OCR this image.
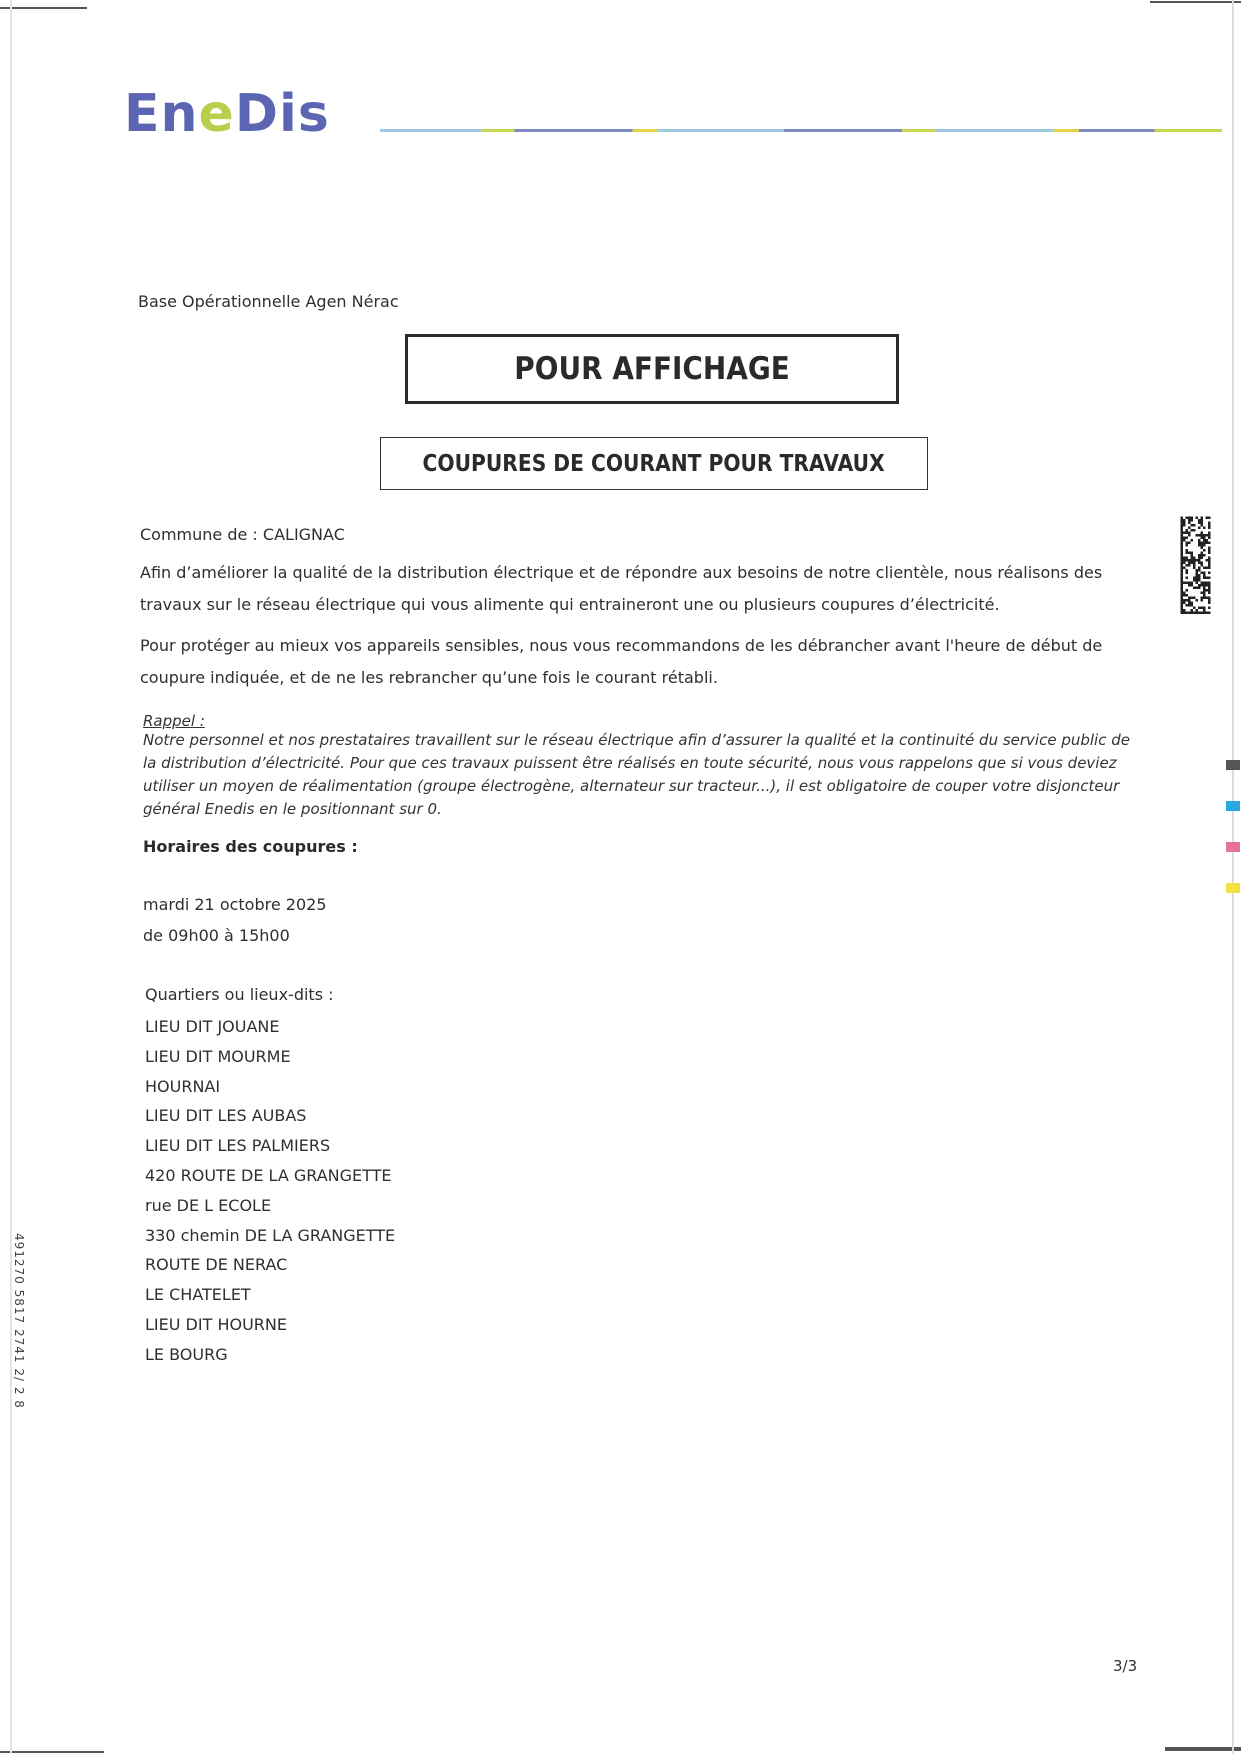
EneDis
Base Opérationnelle Agen Nérac
POUR AFFICHAGE
COUPURES DE COURANT POUR TRAVAUX
Commune de : CALIGNAC
Afin d’améliorer la qualité de la distribution électrique et de répondre aux besoins de notre clientèle, nous réalisons des travaux sur le réseau électrique qui vous alimente qui entraineront une ou plusieurs coupures d’électricité.
Pour protéger au mieux vos appareils sensibles, nous vous recommandons de les débrancher avant l'heure de début de coupure indiquée, et de ne les rebrancher qu’une fois le courant rétabli.
Rappel :
Notre personnel et nos prestataires travaillent sur le réseau électrique afin d’assurer la qualité et la continuité du service public de la distribution d’électricité. Pour que ces travaux puissent être réalisés en toute sécurité, nous vous rappelons que si vous deviez utiliser un moyen de réalimentation (groupe électrogène, alternateur sur tracteur...), il est obligatoire de couper votre disjoncteur général Enedis en le positionnant sur 0.
Horaires des coupures :
mardi 21 octobre 2025
de 09h00 à 15h00
Quartiers ou lieux-dits :
LIEU DIT JOUANE
LIEU DIT MOURME
HOURNAI
LIEU DIT LES AUBAS
LIEU DIT LES PALMIERS
420 ROUTE DE LA GRANGETTE
rue DE L ECOLE
330 chemin DE LA GRANGETTE
ROUTE DE NERAC
LE CHATELET
LIEU DIT HOURNE
LE BOURG
3/3
491270 5817 2741 2/ 2 8
